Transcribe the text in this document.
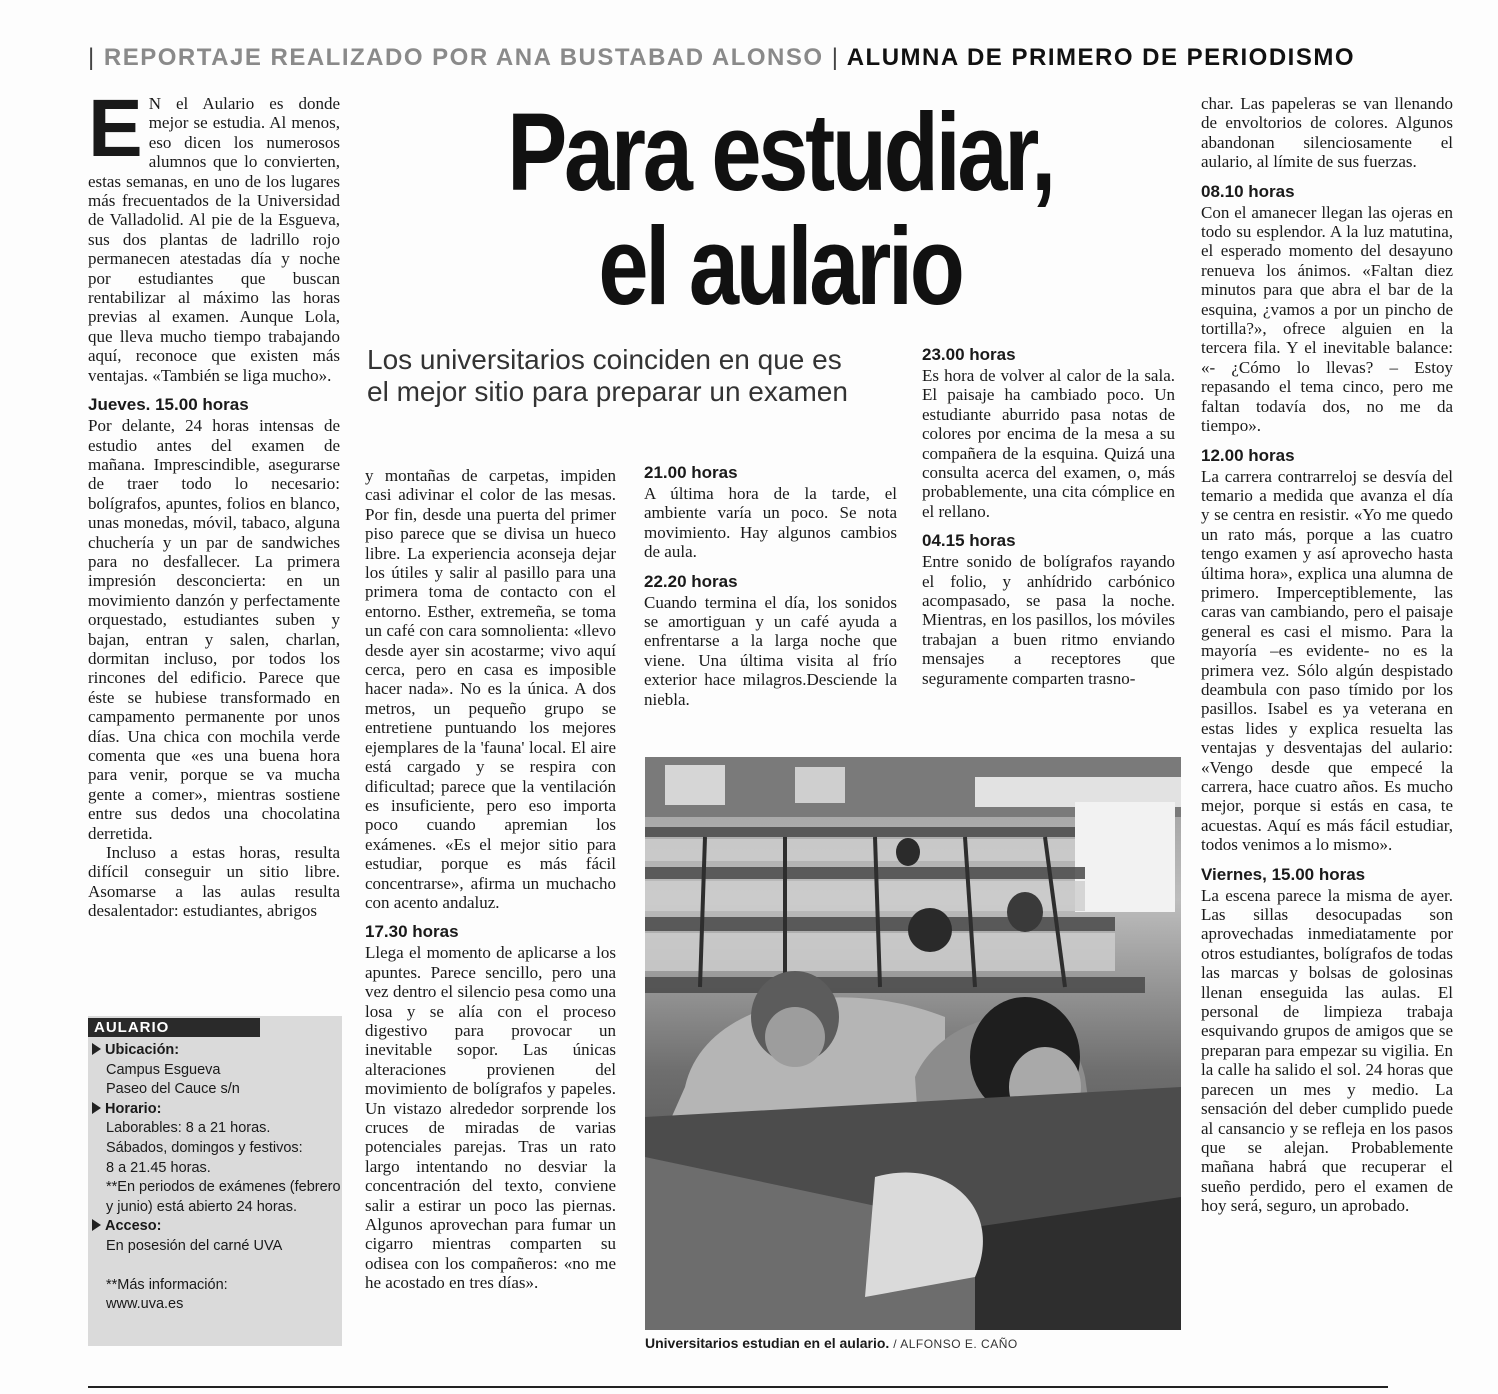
| REPORTAJE REALIZADO POR ANA BUSTABAD ALONSO | ALUMNA DE PRIMERO DE PERIODISMO
Para estudiar,
el aulario
Los universitarios coinciden en que es
el mejor sitio para preparar un examen

E N el Aulario es donde mejor se estudia. Al menos, eso dicen los numerosos alumnos que lo convierten, estas semanas, en uno de los lugares más frecuentados de la Universidad de Valladolid. Al pie de la Esgueva, sus dos plantas de ladrillo rojo permanecen atestadas día y noche por estudiantes que buscan rentabilizar al máximo las horas previas al examen. Aunque Lola, que lleva mucho tiempo trabajando aquí, reconoce que existen más ventajas. «También se liga mucho».

Jueves. 15.00 horas

Por delante, 24 horas intensas de estudio antes del examen de mañana. Imprescindible, asegurarse de traer todo lo necesario: bolígrafos, apuntes, folios en blanco, unas monedas, móvil, tabaco, alguna chuchería y un par de sandwiches para no desfallecer. La primera impresión desconcierta: en un movimiento danzón y perfectamente orquestado, estudiantes suben y bajan, entran y salen, charlan, dormitan incluso, por todos los rincones del edificio. Parece que éste se hubiese transformado en campamento permanente por unos días. Una chica con mochila verde comenta que «es una buena hora para venir, porque se va mucha gente a comer», mientras sostiene entre sus dedos una chocolatina derretida.

Incluso a estas horas, resulta difícil conseguir un sitio libre. Asomarse a las aulas resulta desalentador: estudiantes, abrigos

AULARIO
Ubicación:
Campus Esgueva
Paseo del Cauce s/n
Horario:
Laborables: 8 a 21 horas.
Sábados, domingos y festivos:
8 a 21.45 horas.
**En periodos de exámenes (febrero y junio) está abierto 24 horas.
Acceso:
En posesión del carné UVA
**Más información:
www.uva.es

y montañas de carpetas, impiden casi adivinar el color de las mesas. Por fin, desde una puerta del primer piso parece que se divisa un hueco libre. La experiencia aconseja dejar los útiles y salir al pasillo para una primera toma de contacto con el entorno. Esther, extremeña, se toma un café con cara somnolienta: «llevo desde ayer sin acostarme; vivo aquí cerca, pero en casa es imposible hacer nada». No es la única. A dos metros, un pequeño grupo se entretiene puntuando los mejores ejemplares de la 'fauna' local. El aire está cargado y se respira con dificultad; parece que la ventilación es insuficiente, pero eso importa poco cuando apremian los exámenes. «Es el mejor sitio para estudiar, porque es más fácil concentrarse», afirma un muchacho con acento andaluz.

17.30 horas

Llega el momento de aplicarse a los apuntes. Parece sencillo, pero una vez dentro el silencio pesa como una losa y se alía con el proceso digestivo para provocar un inevitable sopor. Las únicas alteraciones provienen del movimiento de bolígrafos y papeles. Un vistazo alrededor sorprende los cruces de miradas de varias potenciales parejas. Tras un rato largo intentando no desviar la concentración del texto, conviene salir a estirar un poco las piernas. Algunos aprovechan para fumar un cigarro mientras comparten su odisea con los compañeros: «no me he acostado en tres días».

21.00 horas

A última hora de la tarde, el ambiente varía un poco. Se nota movimiento. Hay algunos cambios de aula.

22.20 horas

Cuando termina el día, los sonidos se amortiguan y un café ayuda a enfrentarse a la larga noche que viene. Una última visita al frío exterior hace milagros.Desciende la niebla.

23.00 horas

Es hora de volver al calor de la sala. El paisaje ha cambiado poco. Un estudiante aburrido pasa notas de colores por encima de la mesa a su compañera de la esquina. Quizá una consulta acerca del examen, o, más probablemente, una cita cómplice en el rellano.

04.15 horas

Entre sonido de bolígrafos rayando el folio, y anhídrido carbónico acompasado, se pasa la noche. Mientras, en los pasillos, los móviles trabajan a buen ritmo enviando mensajes a receptores que seguramente comparten trasno-

char. Las papeleras se van llenando de envoltorios de colores. Algunos abandonan silenciosamente el aulario, al límite de sus fuerzas.

08.10 horas

Con el amanecer llegan las ojeras en todo su esplendor. A la luz matutina, el esperado momento del desayuno renueva los ánimos. «Faltan diez minutos para que abra el bar de la esquina, ¿vamos a por un pincho de tortilla?», ofrece alguien en la tercera fila. Y el inevitable balance: «- ¿Cómo lo llevas? – Estoy repasando el tema cinco, pero me faltan todavía dos, no me da tiempo».

12.00 horas

La carrera contrarreloj se desvía del temario a medida que avanza el día y se centra en resistir. «Yo me quedo un rato más, porque a las cuatro tengo examen y así aprovecho hasta última hora», explica una alumna de primero. Imperceptiblemente, las caras van cambiando, pero el paisaje general es casi el mismo. Para la mayoría –es evidente- no es la primera vez. Sólo algún despistado deambula con paso tímido por los pasillos. Isabel es ya veterana en estas lides y explica resuelta las ventajas y desventajas del aulario: «Vengo desde que empecé la carrera, hace cuatro años. Es mucho mejor, porque si estás en casa, te acuestas. Aquí es más fácil estudiar, todos venimos a lo mismo».

Viernes, 15.00 horas

La escena parece la misma de ayer. Las sillas desocupadas son aprovechadas inmediatamente por otros estudiantes, bolígrafos de todas las marcas y bolsas de golosinas llenan enseguida las aulas. El personal de limpieza trabaja esquivando grupos de amigos que se preparan para empezar su vigilia. En la calle ha salido el sol. 24 horas que parecen un mes y medio. La sensación del deber cumplido puede al cansancio y se refleja en los pasos que se alejan. Probablemente mañana habrá que recuperar el sueño perdido, pero el examen de hoy será, seguro, un aprobado.

Universitarios estudian en el aulario. / ALFONSO E. CAÑO
